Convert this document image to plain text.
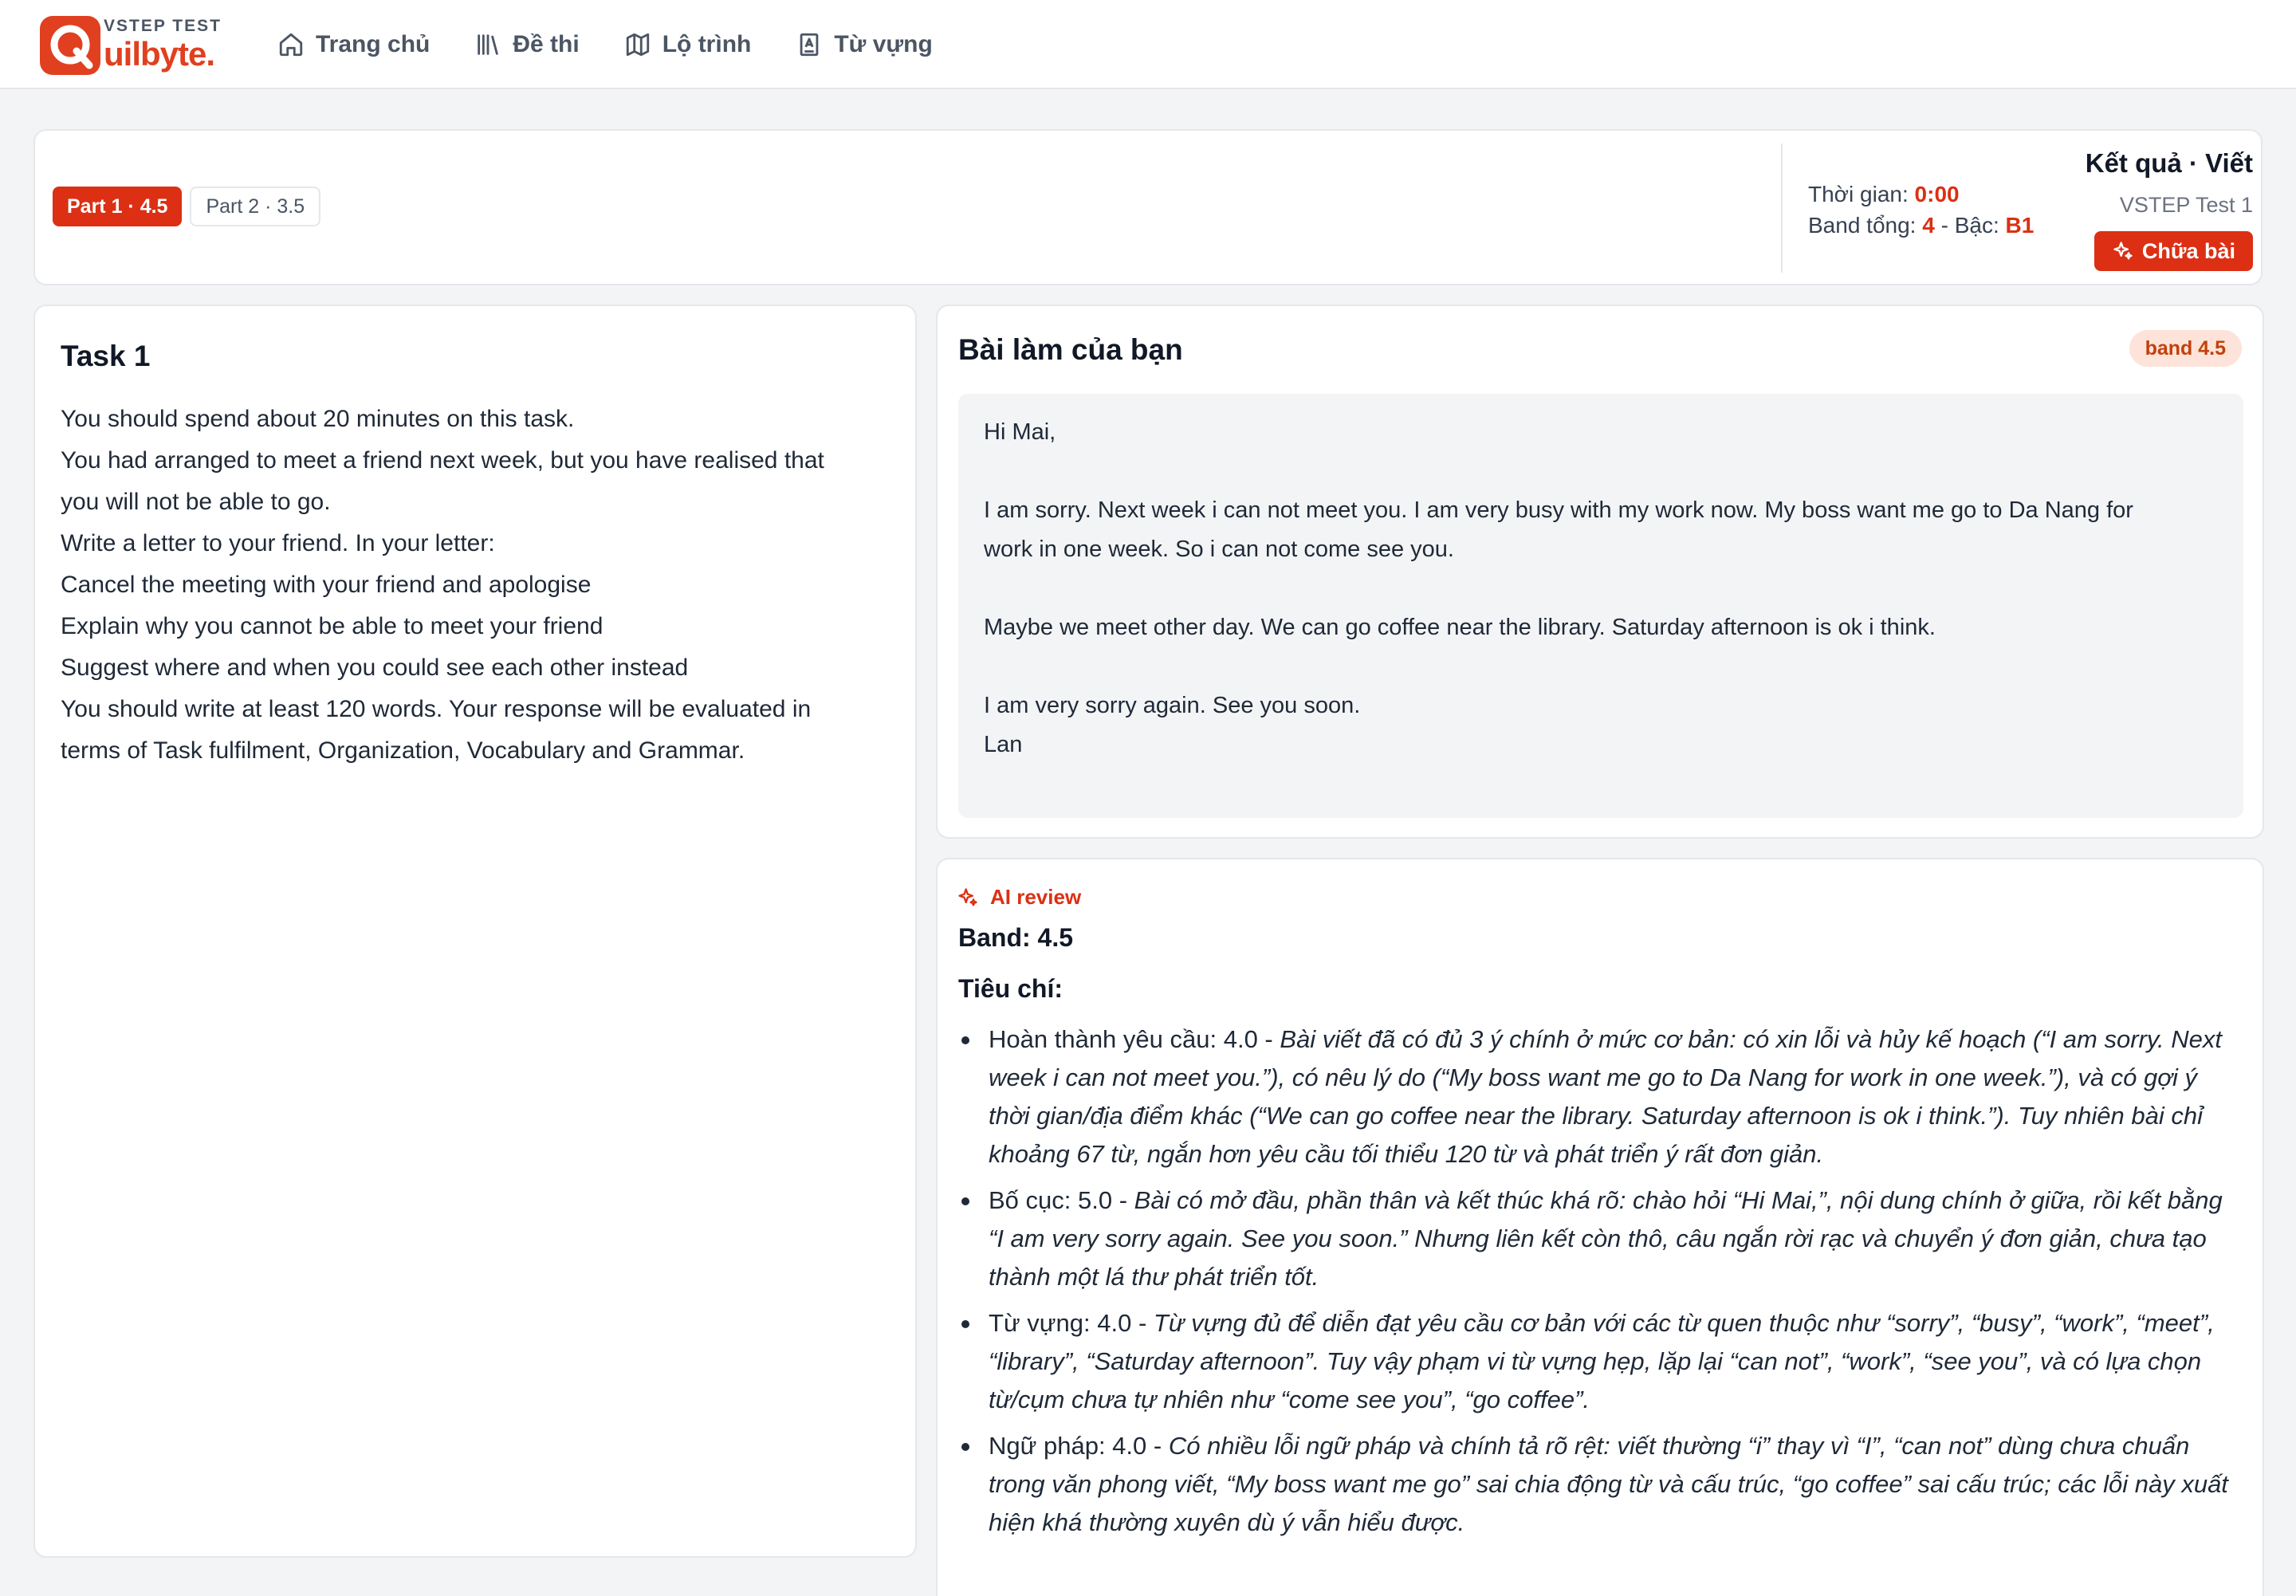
VSTEP TEST
uilbyte.	Trang chủ	Đề thi	Lộ trình	Từ vựng
Part 1 · 4.5	Part 2 · 3.5	Thời gian: 0:00
Band tổng: 4 - Bậc: B1
Kết quả · Viết
VSTEP Test 1
Chữa bài
Task 1
You should spend about 20 minutes on this task.
You had arranged to meet a friend next week, but you have realised that
you will not be able to go.
Write a letter to your friend. In your letter:
Cancel the meeting with your friend and apologise
Explain why you cannot be able to meet your friend
Suggest where and when you could see each other instead
You should write at least 120 words. Your response will be evaluated in
terms of Task fulfilment, Organization, Vocabulary and Grammar.
Bài làm của bạn	band 4.5
Hi Mai,
I am sorry. Next week i can not meet you. I am very busy with my work now. My boss want me go to Da Nang for
work in one week. So i can not come see you.
Maybe we meet other day. We can go coffee near the library. Saturday afternoon is ok i think.
I am very sorry again. See you soon.
Lan
AI review
Band: 4.5
Tiêu chí:
Hoàn thành yêu cầu: 4.0 - Bài viết đã có đủ 3 ý chính ở mức cơ bản: có xin lỗi và hủy kế hoạch (“I am sorry. Next week i can not meet you.”), có nêu lý do (“My boss want me go to Da Nang for work in one week.”), và có gợi ý thời gian/địa điểm khác (“We can go coffee near the library. Saturday afternoon is ok i think.”). Tuy nhiên bài chỉ khoảng 67 từ, ngắn hơn yêu cầu tối thiểu 120 từ và phát triển ý rất đơn giản.
Bố cục: 5.0 - Bài có mở đầu, phần thân và kết thúc khá rõ: chào hỏi “Hi Mai,”, nội dung chính ở giữa, rồi kết bằng “I am very sorry again. See you soon.” Nhưng liên kết còn thô, câu ngắn rời rạc và chuyển ý đơn giản, chưa tạo thành một lá thư phát triển tốt.
Từ vựng: 4.0 - Từ vựng đủ để diễn đạt yêu cầu cơ bản với các từ quen thuộc như “sorry”, “busy”, “work”, “meet”, “library”, “Saturday afternoon”. Tuy vậy phạm vi từ vựng hẹp, lặp lại “can not”, “work”, “see you”, và có lựa chọn từ/cụm chưa tự nhiên như “come see you”, “go coffee”.
Ngữ pháp: 4.0 - Có nhiều lỗi ngữ pháp và chính tả rõ rệt: viết thường “i” thay vì “I”, “can not” dùng chưa chuẩn trong văn phong viết, “My boss want me go” sai chia động từ và cấu trúc, “go coffee” sai cấu trúc; các lỗi này xuất hiện khá thường xuyên dù ý vẫn hiểu được.
